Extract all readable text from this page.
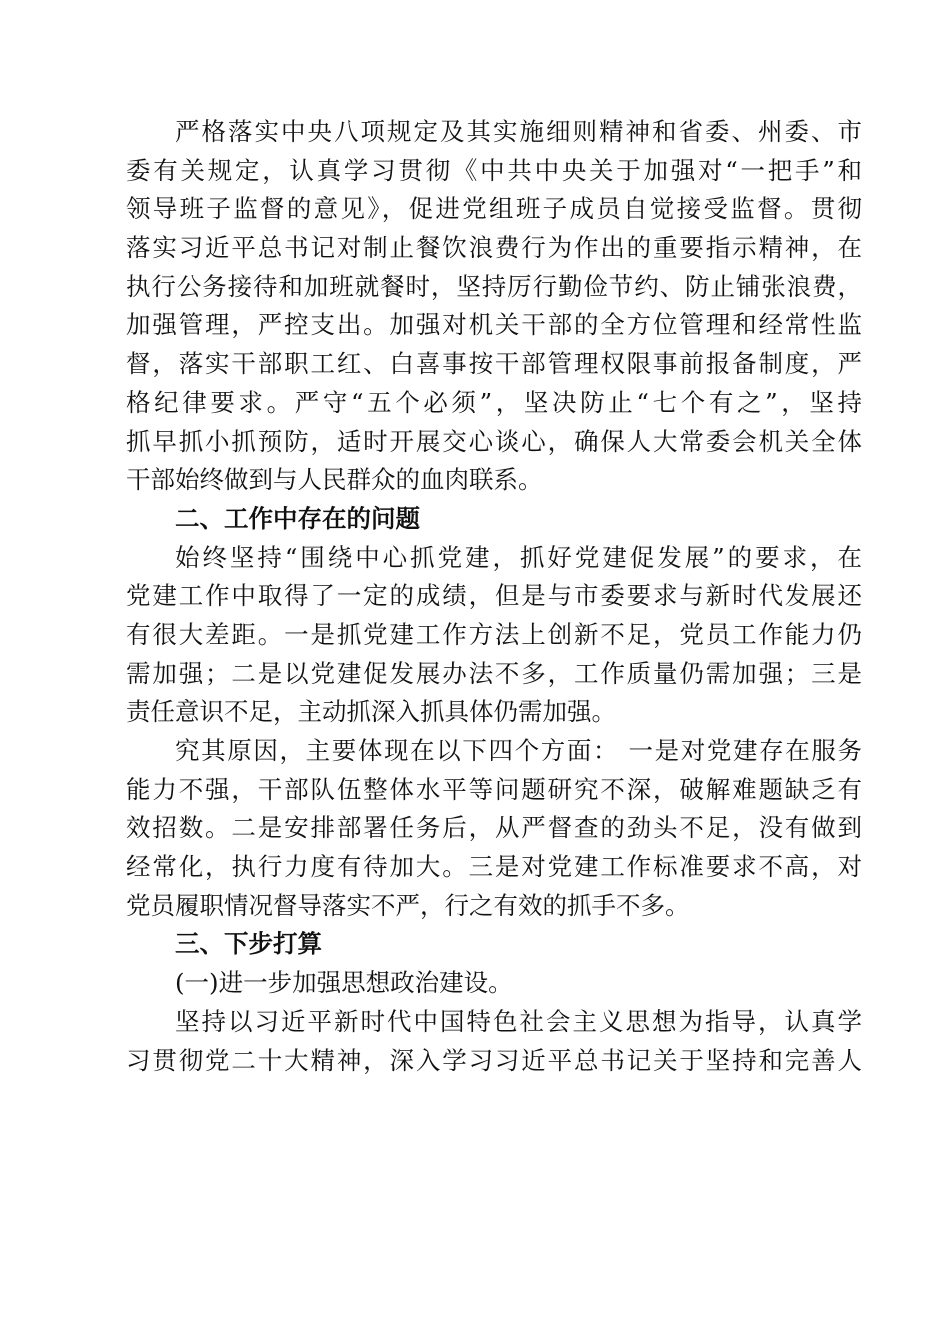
严格落实中央八项规定及其实施细则精神和省委、州委、市
委有关规定，认真学习贯彻《中共中央关于加强对“一把手”和
领导班子监督的意见》，促进党组班子成员自觉接受监督。贯彻
落实习近平总书记对制止餐饮浪费行为作出的重要指示精神，在
执行公务接待和加班就餐时，坚持厉行勤俭节约、防止铺张浪费，
加强管理，严控支出。加强对机关干部的全方位管理和经常性监
督，落实干部职工红、白喜事按干部管理权限事前报备制度，严
格纪律要求。严守“五个必须”，坚决防止“七个有之”，坚持
抓早抓小抓预防，适时开展交心谈心，确保人大常委会机关全体
干部始终做到与人民群众的血肉联系。
二、工作中存在的问题
始终坚持“围绕中心抓党建，抓好党建促发展”的要求，在
党建工作中取得了一定的成绩，但是与市委要求与新时代发展还
有很大差距。一是抓党建工作方法上创新不足，党员工作能力仍
需加强；二是以党建促发展办法不多，工作质量仍需加强；三是
责任意识不足，主动抓深入抓具体仍需加强。
究其原因，主要体现在以下四个方面： 一是对党建存在服务
能力不强，干部队伍整体水平等问题研究不深，破解难题缺乏有
效招数。二是安排部署任务后，从严督查的劲头不足，没有做到
经常化，执行力度有待加大。三是对党建工作标准要求不高，对
党员履职情况督导落实不严，行之有效的抓手不多。
三、下步打算
(一)进一步加强思想政治建设。
坚持以习近平新时代中国特色社会主义思想为指导，认真学
习贯彻党二十大精神，深入学习习近平总书记关于坚持和完善人
